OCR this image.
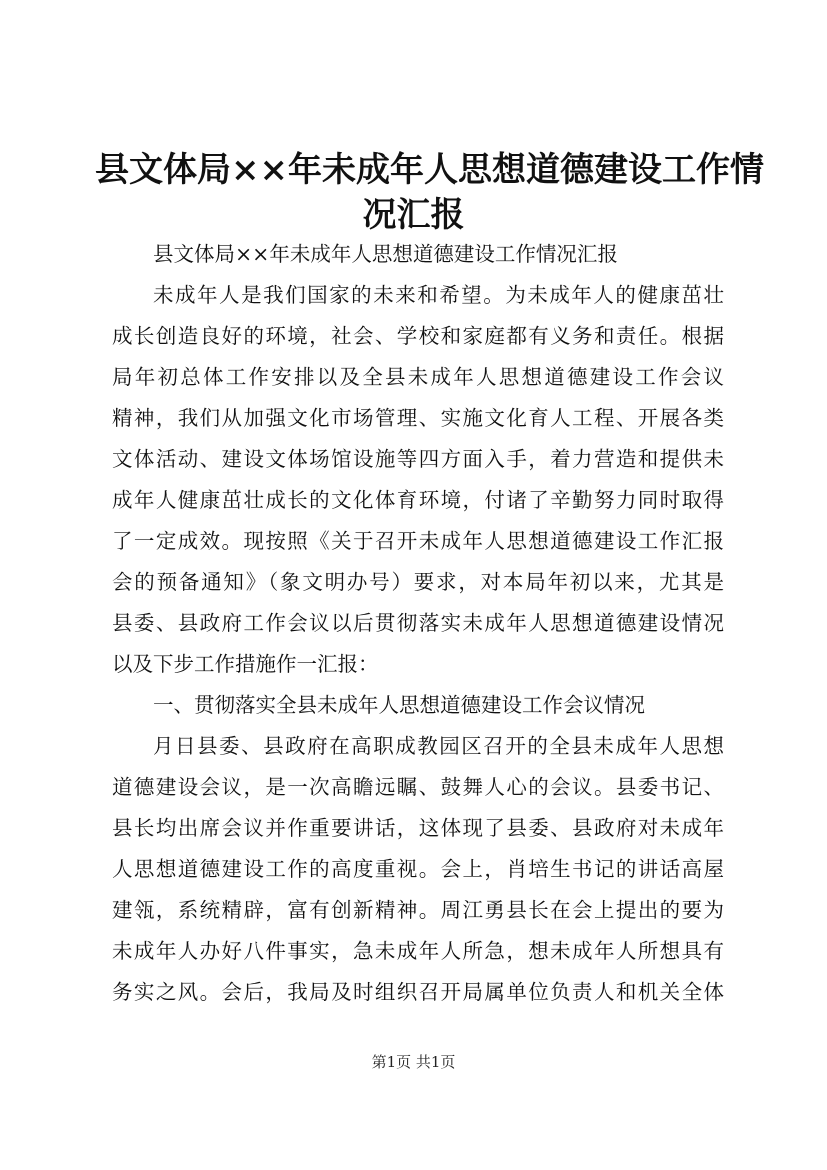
县文体局××年未成年人思想道德建设工作情
况汇报
县文体局××年未成年人思想道德建设工作情况汇报
未成年人是我们国家的未来和希望。为未成年人的健康茁壮
成长创造良好的环境，社会、学校和家庭都有义务和责任。根据
局年初总体工作安排以及全县未成年人思想道德建设工作会议
精神，我们从加强文化市场管理、实施文化育人工程、开展各类
文体活动、建设文体场馆设施等四方面入手，着力营造和提供未
成年人健康茁壮成长的文化体育环境，付诸了辛勤努力同时取得
了一定成效。现按照《关于召开未成年人思想道德建设工作汇报
会的预备通知》（象文明办号）要求，对本局年初以来，尤其是
县委、县政府工作会议以后贯彻落实未成年人思想道德建设情况
以及下步工作措施作一汇报：
一、贯彻落实全县未成年人思想道德建设工作会议情况
月日县委、县政府在高职成教园区召开的全县未成年人思想
道德建设会议，是一次高瞻远瞩、鼓舞人心的会议。县委书记、
县长均出席会议并作重要讲话，这体现了县委、县政府对未成年
人思想道德建设工作的高度重视。会上，肖培生书记的讲话高屋
建瓴，系统精辟，富有创新精神。周江勇县长在会上提出的要为
未成年人办好八件事实，急未成年人所急，想未成年人所想具有
务实之风。会后，我局及时组织召开局属单位负责人和机关全体
第1页 共1页
